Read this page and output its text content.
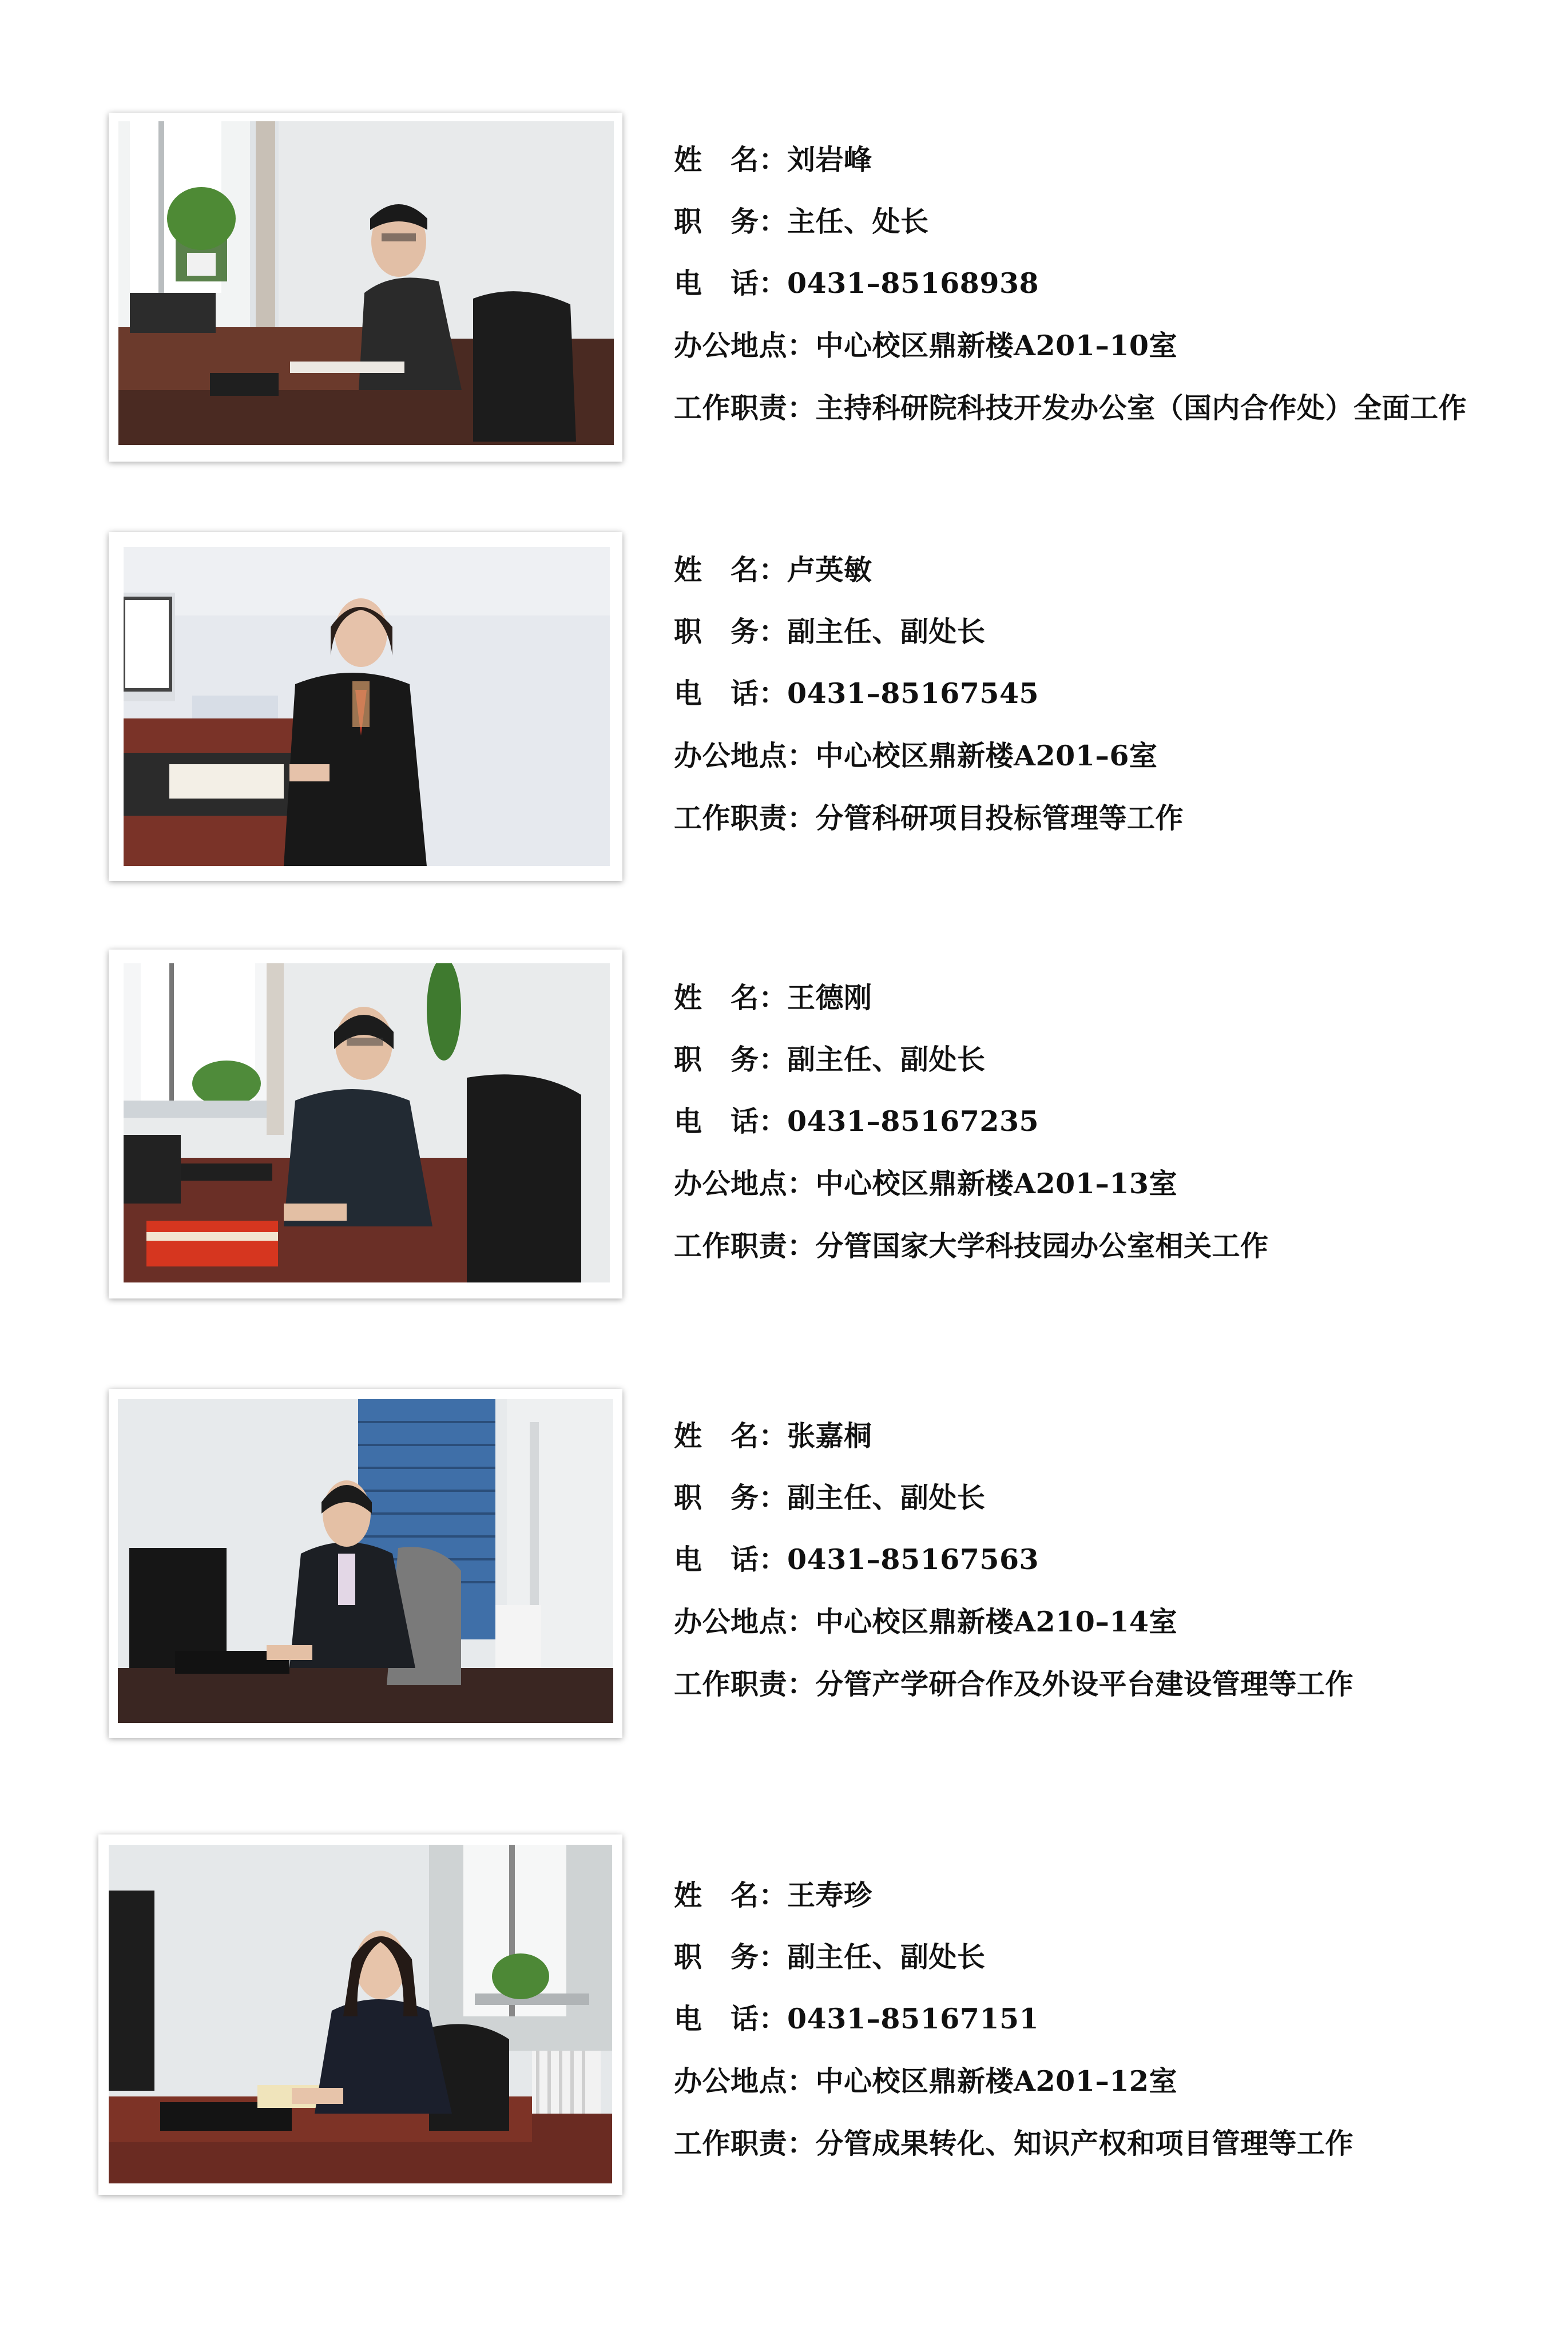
姓　名：刘岩峰
职　务：主任、处长
电　话：0431–85168938
办公地点：中心校区鼎新楼A201–10室
工作职责：主持科研院科技开发办公室（国内合作处）全面工作
姓　名：卢英敏
职　务：副主任、副处长
电　话：0431–85167545
办公地点：中心校区鼎新楼A201–6室
工作职责：分管科研项目投标管理等工作
姓　名：王德刚
职　务：副主任、副处长
电　话：0431–85167235
办公地点：中心校区鼎新楼A201–13室
工作职责：分管国家大学科技园办公室相关工作
姓　名：张嘉桐
职　务：副主任、副处长
电　话：0431–85167563
办公地点：中心校区鼎新楼A210–14室
工作职责：分管产学研合作及外设平台建设管理等工作
姓　名：王寿珍
职　务：副主任、副处长
电　话：0431–85167151
办公地点：中心校区鼎新楼A201–12室
工作职责：分管成果转化、知识产权和项目管理等工作
